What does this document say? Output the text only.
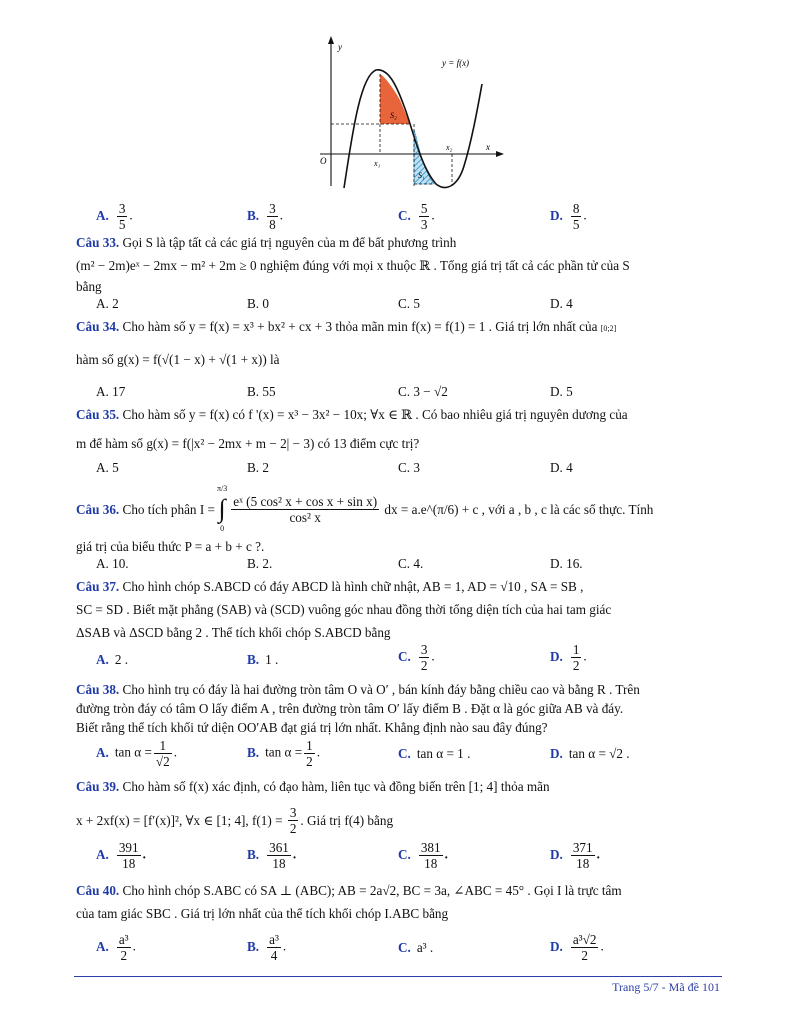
y
x
O
y = f(x)
S₂
S₁
x₁
x₂
A. $\frac{3}{5}$ .	B. $\frac{3}{8}$ .	C. $\frac{5}{3}$ .	D. $\frac{8}{5}$ .
Câu 33. Gọi S là tập tất cả các giá trị nguyên của m để bất phương trình
(m² − 2m)eˣ − 2mx − m² + 2m ≥ 0 nghiệm đúng với mọi x thuộc ℝ . Tổng giá trị tất cả các phần tử của S
bằng
A. 2	B. 0	C. 5	D. 4
Câu 34. Cho hàm số y = f(x) = x³ + bx² + cx + 3 thỏa mãn min f(x) = f(1) = 1 . Giá trị lớn nhất của [0;2]
hàm số g(x) = f(√(1 − x) + √(1 + x)) là
A. 17	B. 55	C. 3 − √2	D. 5
Câu 35. Cho hàm số y = f(x) có f '(x) = x³ − 3x² − 10x; ∀x ∈ ℝ . Có bao nhiêu giá trị nguyên dương của
m để hàm số g(x) = f(|x² − 2mx + m − 2| − 3) có 13 điểm cực trị?
A. 5	B. 2	C. 3	D. 4
Câu 36.
Cho tích phân I =
π/3
∫
0
$\frac{\text{eˣ (5 cos² x + cos x + sin x)}}{\text{cos² x}}$
dx = a.e^(π/6) + c , với a , b , c là các số thực. Tính
giá trị của biểu thức P = a + b + c ?.
A. 10.	B. 2.	C. 4.	D. 16.
Câu 37. Cho hình chóp S.ABCD có đáy ABCD là hình chữ nhật, AB = 1, AD = √10 , SA = SB ,
SC = SD . Biết mặt phẳng (SAB) và (SCD) vuông góc nhau đồng thời tổng diện tích của hai tam giác
ΔSAB và ΔSCD bằng 2 . Thể tích khối chóp S.ABCD bằng
A. 2 .	B. 1 .	C. $\frac{3}{2}$ .	D. $\frac{1}{2}$ .
Câu 38. Cho hình trụ có đáy là hai đường tròn tâm O và O′ , bán kính đáy bằng chiều cao và bằng R . Trên
đường tròn đáy có tâm O lấy điểm A , trên đường tròn tâm O′ lấy điểm B . Đặt α là góc giữa AB và đáy.
Biết rằng thể tích khối tứ diện OO′AB đạt giá trị lớn nhất. Khẳng định nào sau đây đúng?
A. $\tan \alpha = \frac{1}{√2}$ .	B. $\tan \alpha = \frac{1}{2}$ .	C. tan α = 1 .	D. tan α = √2 .
Câu 39. Cho hàm số f(x) xác định, có đạo hàm, liên tục và đồng biến trên [1; 4] thỏa mãn
x + 2xf(x) = [f′(x)]², ∀x ∈ [1; 4], f(1) =
$\frac{3}{2}$ . Giá trị f(4) bằng
A. $\frac{391}{18}$ .	B. $\frac{361}{18}$ .	C. $\frac{381}{18}$ .	D. $\frac{371}{18}$ .
Câu 40. Cho hình chóp S.ABC có SA ⊥ (ABC); AB = 2a√2, BC = 3a, ∠ABC = 45° . Gọi I là trực tâm
của tam giác SBC . Giá trị lớn nhất của thể tích khối chóp I.ABC bằng
A. $\frac{\text{a³}}{2}$ .	B. $\frac{\text{a³}}{4}$ .	C. a³ .	D. $\frac{\text{a³√2}}{2}$ .
Trang 5/7 - Mã đề 101
